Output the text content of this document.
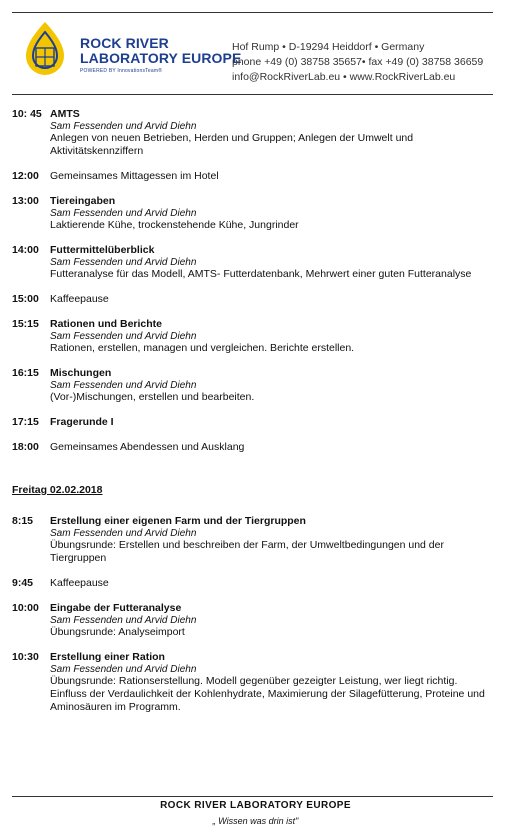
ROCK RIVER
LABORATORY EUROPE
POWERED BY InnovationsTeam®
Hof Rump • D-19294 Heiddorf • Germany
phone +49 (0) 38758 35657• fax +49 (0) 38758 36659
info@RockRiverLab.eu • www.RockRiverLab.eu
10: 45 AMTS
Sam Fessenden und Arvid Diehn
Anlegen von neuen Betrieben, Herden und Gruppen; Anlegen der Umwelt und Aktivitätskennziffern
12:00	Gemeinsames Mittagessen im Hotel
13:00	Tiereingaben
Sam Fessenden und Arvid Diehn
Laktierende Kühe, trockenstehende Kühe, Jungrinder
14:00	Futtermittelüberblick
Sam Fessenden und Arvid Diehn
Futteranalyse für das Modell, AMTS- Futterdatenbank, Mehrwert einer guten Futteranalyse
15:00	Kaffeepause
15:15	Rationen und Berichte
Sam Fessenden und Arvid Diehn
Rationen, erstellen, managen und vergleichen. Berichte erstellen.
16:15	Mischungen
Sam Fessenden und Arvid Diehn
(Vor-)Mischungen, erstellen und bearbeiten.
17:15	Fragerunde I
18:00	Gemeinsames Abendessen und Ausklang
Freitag 02.02.2018
8:15	Erstellung einer eigenen Farm und der Tiergruppen
Sam Fessenden und Arvid Diehn
Übungsrunde: Erstellen und beschreiben der Farm, der Umweltbedingungen und der Tiergruppen
9:45	Kaffeepause
10:00	Eingabe der Futteranalyse
Sam Fessenden und Arvid Diehn
Übungsrunde: Analyseimport
10:30	Erstellung einer Ration
Sam Fessenden und Arvid Diehn
Übungsrunde: Rationserstellung. Modell gegenüber gezeigter Leistung, wer liegt richtig. Einfluss der Verdaulichkeit der Kohlenhydrate, Maximierung der Silagefütterung, Proteine und Aminosäuren im Programm.
ROCK RIVER LABORATORY EUROPE
„ Wissen was drin ist"
